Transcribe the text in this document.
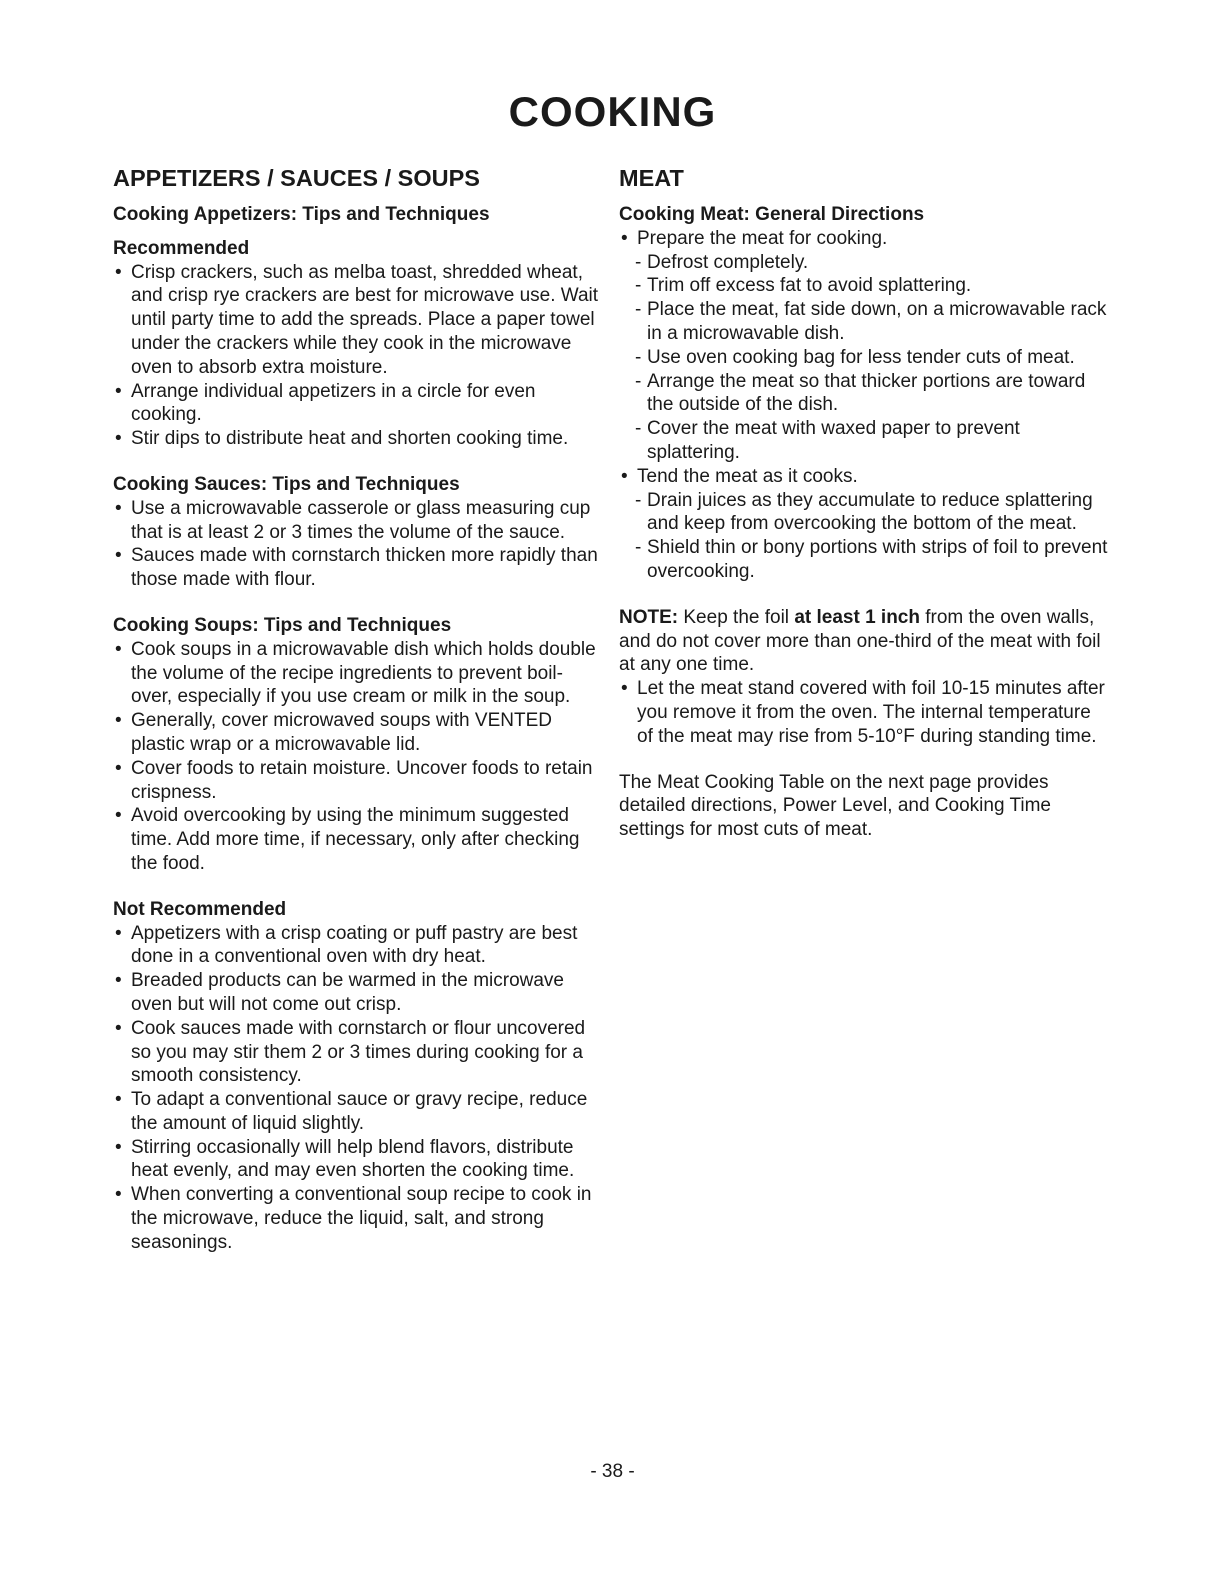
COOKING
APPETIZERS / SAUCES / SOUPS

Cooking Appetizers: Tips and Techniques

Recommended

• Crisp crackers, such as melba toast, shredded wheat, and crisp rye crackers are best for microwave use. Wait until party time to add the spreads. Place a paper towel under the crackers while they cook in the microwave oven to absorb extra moisture.
• Arrange individual appetizers in a circle for even cooking.
• Stir dips to distribute heat and shorten cooking time.

Cooking Sauces: Tips and Techniques

• Use a microwavable casserole or glass measuring cup that is at least 2 or 3 times the volume of the sauce.
• Sauces made with cornstarch thicken more rapidly than those made with flour.

Cooking Soups: Tips and Techniques

• Cook soups in a microwavable dish which holds double the volume of the recipe ingredients to prevent boil-over, especially if you use cream or milk in the soup.
• Generally, cover microwaved soups with VENTED plastic wrap or a microwavable lid.
• Cover foods to retain moisture. Uncover foods to retain crispness.
• Avoid overcooking by using the minimum suggested time. Add more time, if necessary, only after checking the food.

Not Recommended

• Appetizers with a crisp coating or puff pastry are best done in a conventional oven with dry heat.
• Breaded products can be warmed in the microwave oven but will not come out crisp.
• Cook sauces made with cornstarch or flour uncovered so you may stir them 2 or 3 times during cooking for a smooth consistency.
• To adapt a conventional sauce or gravy recipe, reduce the amount of liquid slightly.
• Stirring occasionally will help blend flavors, distribute heat evenly, and may even shorten the cooking time.
• When converting a conventional soup recipe to cook in the microwave, reduce the liquid, salt, and strong seasonings.
MEAT

Cooking Meat: General Directions

• Prepare the meat for cooking.
- Defrost completely.
- Trim off excess fat to avoid splattering.
- Place the meat, fat side down, on a microwavable rack in a microwavable dish.
- Use oven cooking bag for less tender cuts of meat.
- Arrange the meat so that thicker portions are toward the outside of the dish.
- Cover the meat with waxed paper to prevent splattering.
• Tend the meat as it cooks.
- Drain juices as they accumulate to reduce splattering and keep from overcooking the bottom of the meat.
- Shield thin or bony portions with strips of foil to prevent overcooking.

NOTE: Keep the foil at least 1 inch from the oven walls, and do not cover more than one-third of the meat with foil at any one time.

• Let the meat stand covered with foil 10-15 minutes after you remove it from the oven. The internal temperature of the meat may rise from 5-10°F during standing time.

The Meat Cooking Table on the next page provides detailed directions, Power Level, and Cooking Time settings for most cuts of meat.

- 38 -
